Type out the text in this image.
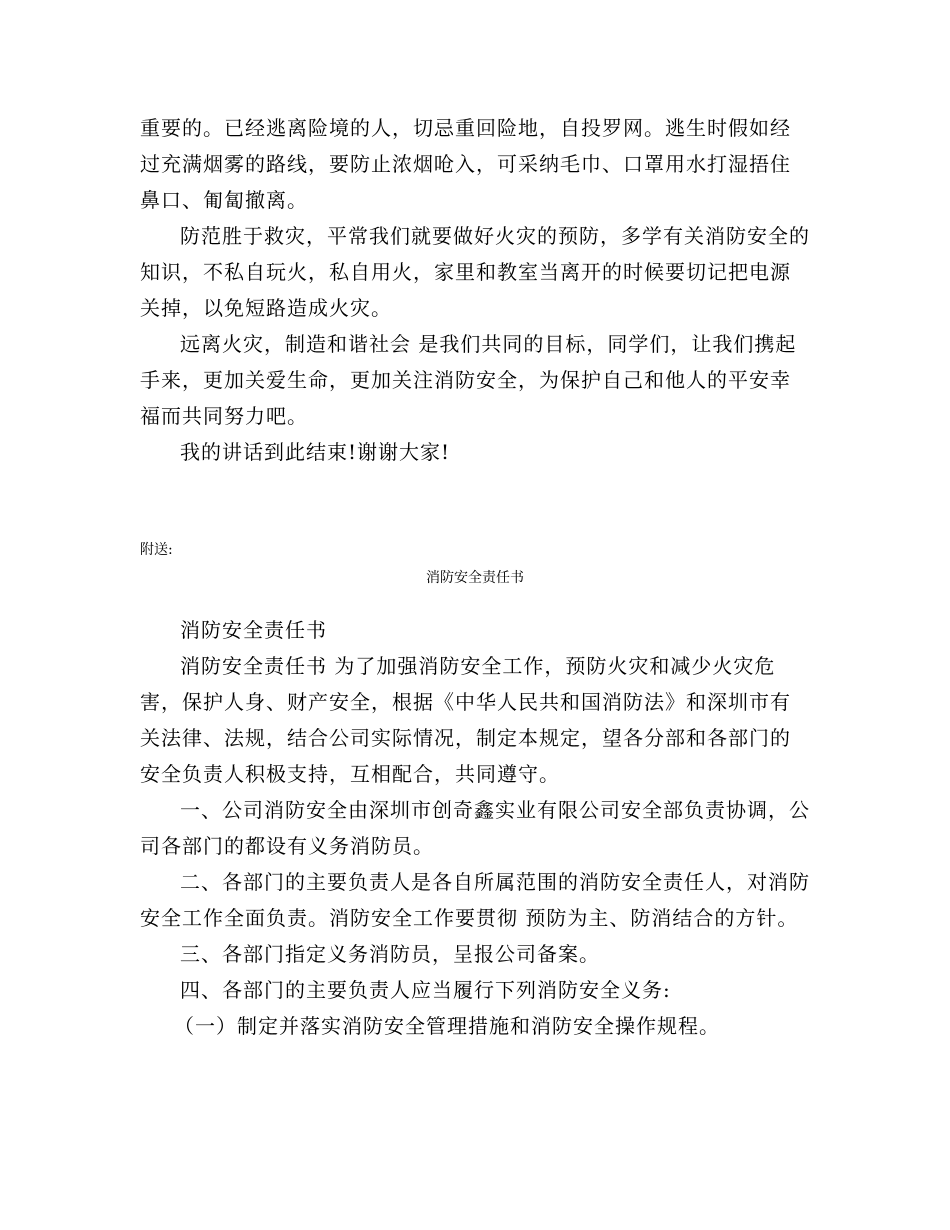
重要的。已经逃离险境的人，切忌重回险地，自投罗网。逃生时假如经过充满烟雾的路线，要防止浓烟呛入，可采纳毛巾、口罩用水打湿捂住鼻口、匍匐撤离。

防范胜于救灾，平常我们就要做好火灾的预防，多学有关消防安全的知识，不私自玩火，私自用火，家里和教室当离开的时候要切记把电源关掉，以免短路造成火灾。

远离火灾，制造和谐社会 是我们共同的目标，同学们，让我们携起手来，更加关爱生命，更加关注消防安全，为保护自己和他人的平安幸福而共同努力吧。

我的讲话到此结束!谢谢大家!

附送:
消防安全责任书

消防安全责任书

消防安全责任书 为了加强消防安全工作，预防火灾和减少火灾危害，保护人身、财产安全，根据《中华人民共和国消防法》和深圳市有关法律、法规，结合公司实际情况，制定本规定，望各分部和各部门的安全负责人积极支持，互相配合，共同遵守。

一、公司消防安全由深圳市创奇鑫实业有限公司安全部负责协调，公司各部门的都设有义务消防员。

二、各部门的主要负责人是各自所属范围的消防安全责任人，对消防安全工作全面负责。消防安全工作要贯彻 预防为主、防消结合的方针。

三、各部门指定义务消防员，呈报公司备案。

四、各部门的主要负责人应当履行下列消防安全义务:

（一）制定并落实消防安全管理措施和消防安全操作规程。
